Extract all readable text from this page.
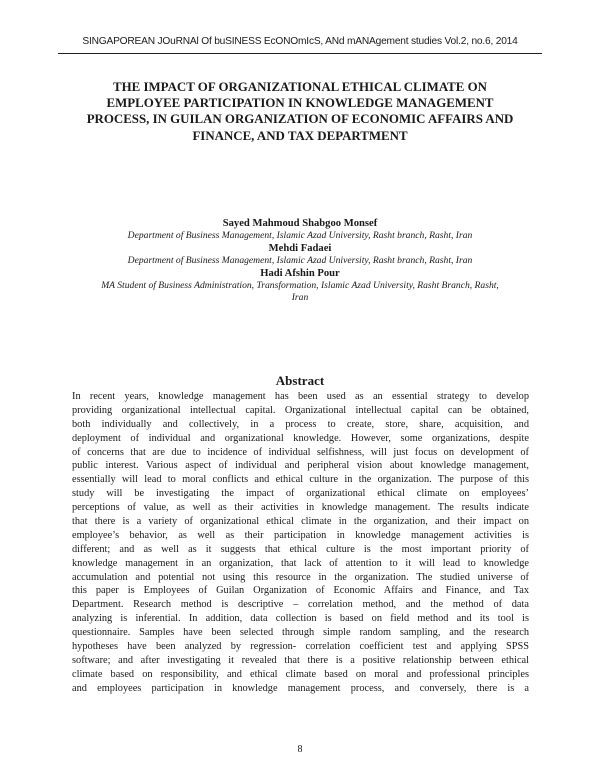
SINGAPOREAN JOuRNAl Of buSINESS EcONOmIcS, ANd mANAgement studies Vol.2, no.6, 2014
THE IMPACT OF ORGANIZATIONAL ETHICAL CLIMATE ON
EMPLOYEE PARTICIPATION IN KNOWLEDGE MANAGEMENT
PROCESS, IN GUILAN ORGANIZATION OF ECONOMIC AFFAIRS AND
FINANCE, AND TAX DEPARTMENT
Sayed Mahmoud Shabgoo Monsef
Department of Business Management, Islamic Azad University, Rasht branch, Rasht, Iran
Mehdi Fadaei
Department of Business Management, Islamic Azad University, Rasht branch, Rasht, Iran
Hadi Afshin Pour
MA Student of Business Administration, Transformation, Islamic Azad University, Rasht Branch, Rasht,
Iran
Abstract
In recent years, knowledge management has been used as an essential strategy to develop
providing organizational intellectual capital. Organizational intellectual capital can be obtained,
both individually and collectively, in a process to create, store, share, acquisition, and
deployment of individual and organizational knowledge. However, some organizations, despite
of concerns that are due to incidence of individual selfishness, will just focus on development of
public interest. Various aspect of individual and peripheral vision about knowledge management,
essentially will lead to moral conflicts and ethical culture in the organization. The purpose of this
study will be investigating the impact of organizational ethical climate on employees’
perceptions of value, as well as their activities in knowledge management. The results indicate
that there is a variety of organizational ethical climate in the organization, and their impact on
employee’s behavior, as well as their participation in knowledge management activities is
different; and as well as it suggests that ethical culture is the most important priority of
knowledge management in an organization, that lack of attention to it will lead to knowledge
accumulation and potential not using this resource in the organization. The studied universe of
this paper is Employees of Guilan Organization of Economic Affairs and Finance, and Tax
Department. Research method is descriptive – correlation method, and the method of data
analyzing is inferential. In addition, data collection is based on field method and its tool is
questionnaire. Samples have been selected through simple random sampling, and the research
hypotheses have been analyzed by regression- correlation coefficient test and applying SPSS
software; and after investigating it revealed that there is a positive relationship between ethical
climate based on responsibility, and ethical climate based on moral and professional principles
and employees participation in knowledge management process, and conversely, there is a
8
